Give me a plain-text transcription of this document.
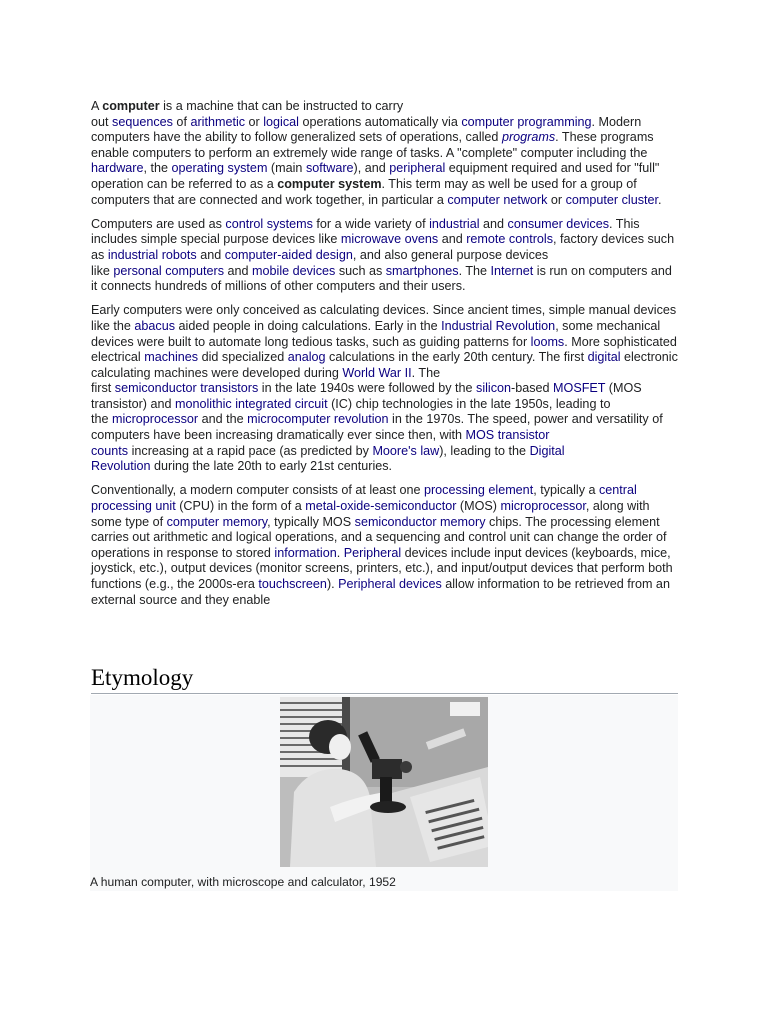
A computer is a machine that can be instructed to carry
out sequences of arithmetic or logical operations automatically via computer programming. Modern computers have the ability to follow generalized sets of operations, called programs. These programs enable computers to perform an extremely wide range of tasks. A "complete" computer including the hardware, the operating system (main software), and peripheral equipment required and used for "full" operation can be referred to as a computer system. This term may as well be used for a group of computers that are connected and work together, in particular a computer network or computer cluster.

Computers are used as control systems for a wide variety of industrial and consumer devices. This includes simple special purpose devices like microwave ovens and remote controls, factory devices such as industrial robots and computer-aided design, and also general purpose devices
like personal computers and mobile devices such as smartphones. The Internet is run on computers and it connects hundreds of millions of other computers and their users.

Early computers were only conceived as calculating devices. Since ancient times, simple manual devices like the abacus aided people in doing calculations. Early in the Industrial Revolution, some mechanical devices were built to automate long tedious tasks, such as guiding patterns for looms. More sophisticated electrical machines did specialized analog calculations in the early 20th century. The first digital electronic calculating machines were developed during World War II. The
first semiconductor transistors in the late 1940s were followed by the silicon-based MOSFET (MOS transistor) and monolithic integrated circuit (IC) chip technologies in the late 1950s, leading to
the microprocessor and the microcomputer revolution in the 1970s. The speed, power and versatility of computers have been increasing dramatically ever since then, with MOS transistor
counts increasing at a rapid pace (as predicted by Moore's law), leading to the Digital
Revolution during the late 20th to early 21st centuries.

Conventionally, a modern computer consists of at least one processing element, typically a central processing unit (CPU) in the form of a metal-oxide-semiconductor (MOS) microprocessor, along with some type of computer memory, typically MOS semiconductor memory chips. The processing element carries out arithmetic and logical operations, and a sequencing and control unit can change the order of operations in response to stored information. Peripheral devices include input devices (keyboards, mice, joystick, etc.), output devices (monitor screens, printers, etc.), and input/output devices that perform both functions (e.g., the 2000s-era touchscreen). Peripheral devices allow information to be retrieved from an external source and they enable

Etymology
A human computer, with microscope and calculator, 1952
